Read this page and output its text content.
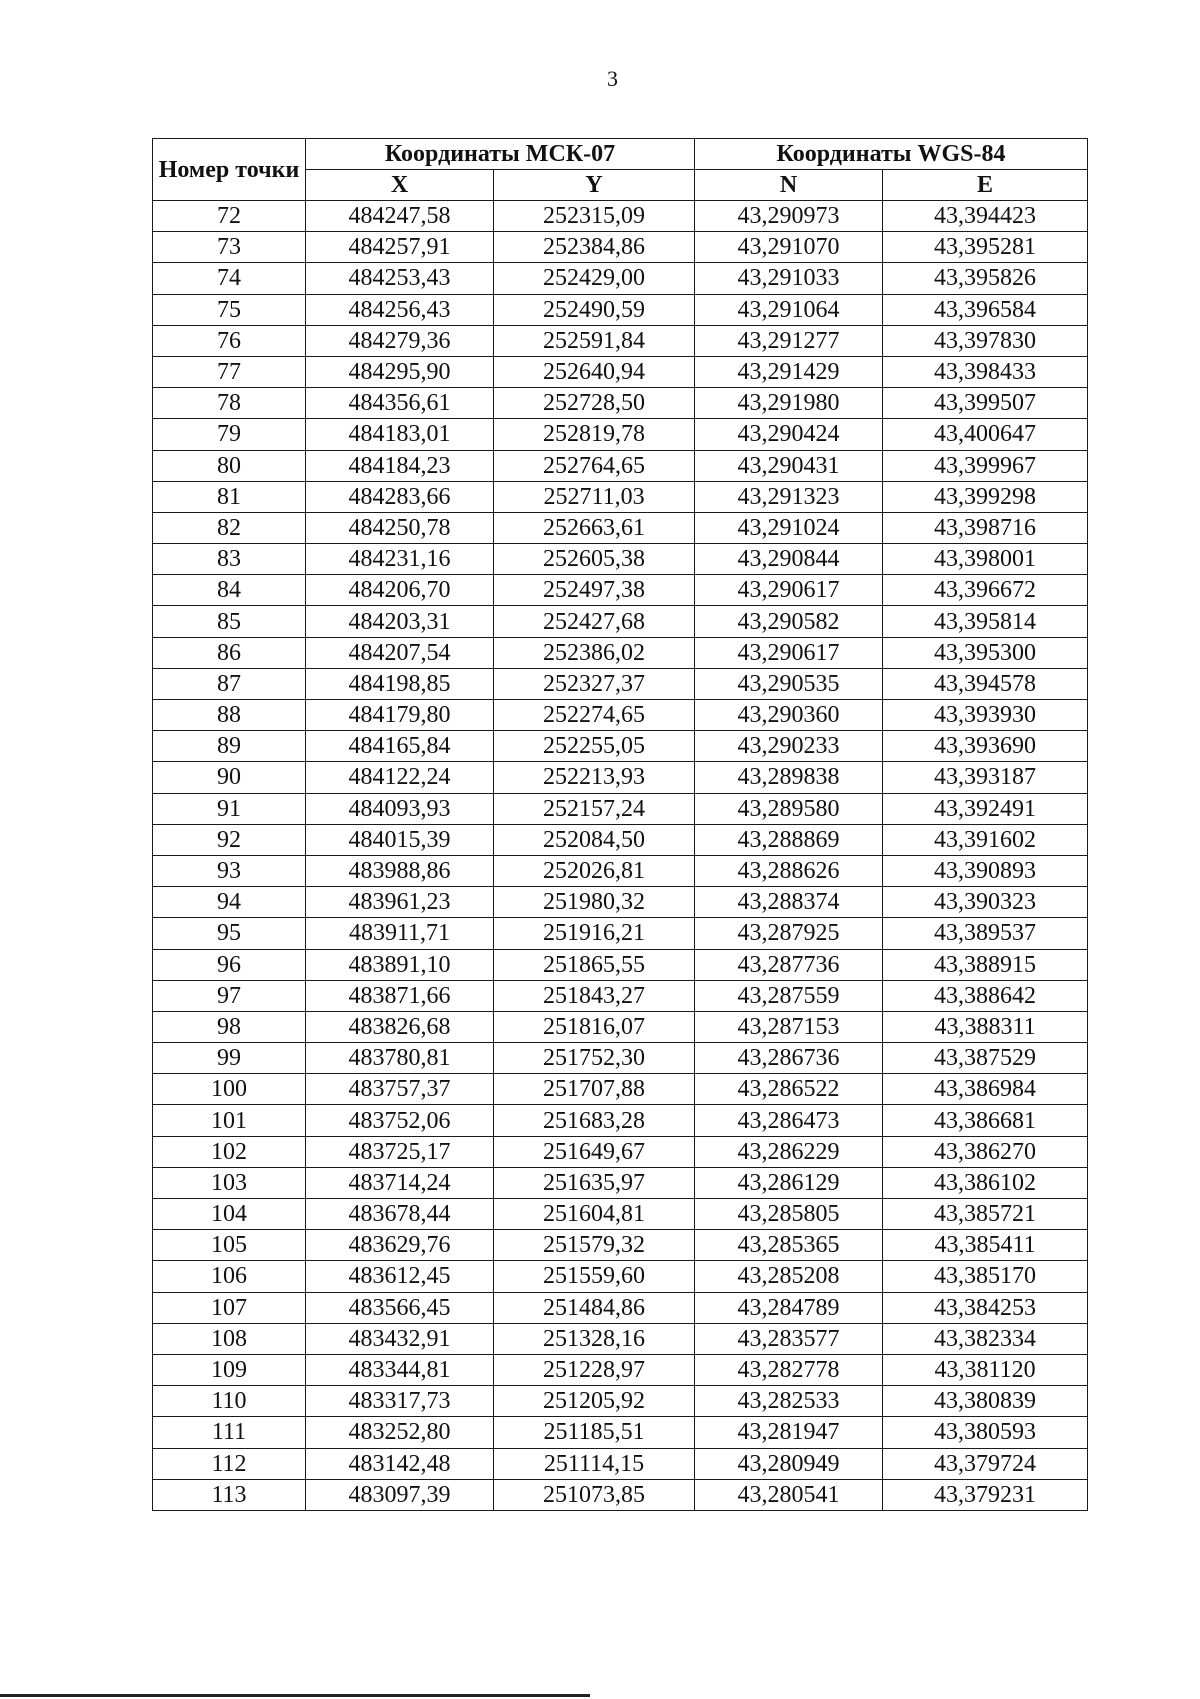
3
Номер точки	Координаты МСК-07		Координаты WGS-84	
	X	Y	N	E
72	484247,58	252315,09	43,290973	43,394423
73	484257,91	252384,86	43,291070	43,395281
74	484253,43	252429,00	43,291033	43,395826
75	484256,43	252490,59	43,291064	43,396584
76	484279,36	252591,84	43,291277	43,397830
77	484295,90	252640,94	43,291429	43,398433
78	484356,61	252728,50	43,291980	43,399507
79	484183,01	252819,78	43,290424	43,400647
80	484184,23	252764,65	43,290431	43,399967
81	484283,66	252711,03	43,291323	43,399298
82	484250,78	252663,61	43,291024	43,398716
83	484231,16	252605,38	43,290844	43,398001
84	484206,70	252497,38	43,290617	43,396672
85	484203,31	252427,68	43,290582	43,395814
86	484207,54	252386,02	43,290617	43,395300
87	484198,85	252327,37	43,290535	43,394578
88	484179,80	252274,65	43,290360	43,393930
89	484165,84	252255,05	43,290233	43,393690
90	484122,24	252213,93	43,289838	43,393187
91	484093,93	252157,24	43,289580	43,392491
92	484015,39	252084,50	43,288869	43,391602
93	483988,86	252026,81	43,288626	43,390893
94	483961,23	251980,32	43,288374	43,390323
95	483911,71	251916,21	43,287925	43,389537
96	483891,10	251865,55	43,287736	43,388915
97	483871,66	251843,27	43,287559	43,388642
98	483826,68	251816,07	43,287153	43,388311
99	483780,81	251752,30	43,286736	43,387529
100	483757,37	251707,88	43,286522	43,386984
101	483752,06	251683,28	43,286473	43,386681
102	483725,17	251649,67	43,286229	43,386270
103	483714,24	251635,97	43,286129	43,386102
104	483678,44	251604,81	43,285805	43,385721
105	483629,76	251579,32	43,285365	43,385411
106	483612,45	251559,60	43,285208	43,385170
107	483566,45	251484,86	43,284789	43,384253
108	483432,91	251328,16	43,283577	43,382334
109	483344,81	251228,97	43,282778	43,381120
110	483317,73	251205,92	43,282533	43,380839
111	483252,80	251185,51	43,281947	43,380593
112	483142,48	251114,15	43,280949	43,379724
113	483097,39	251073,85	43,280541	43,379231
